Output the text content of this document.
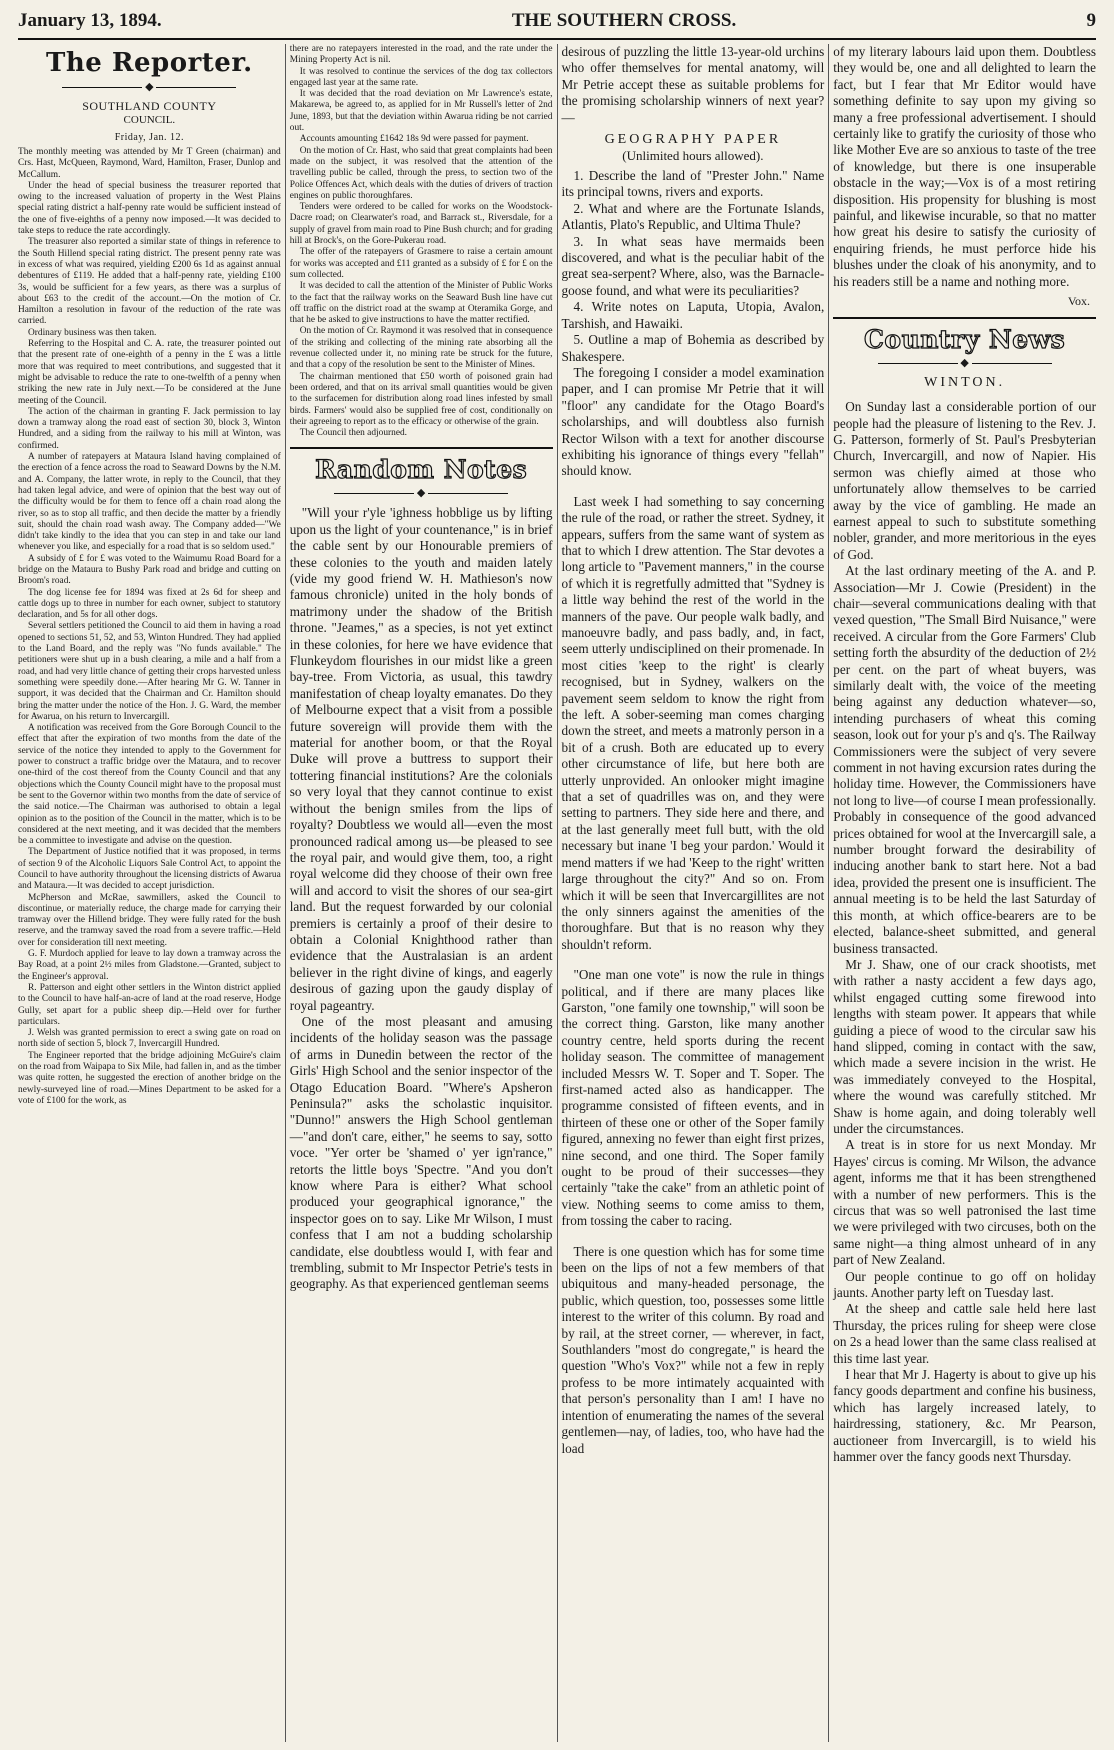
January 13, 1894.	THE SOUTHERN CROSS.	9
The Reporter.
◆
SOUTHLAND COUNTY
COUNCIL.
Friday, Jan. 12.

The monthly meeting was attended by Mr T Green (chairman) and Crs. Hast, McQueen, Raymond, Ward, Hamilton, Fraser, Dunlop and McCallum.

Under the head of special business the treasurer reported that owing to the increased valuation of property in the West Plains special rating district a half-penny rate would be sufficient instead of the one of five-eighths of a penny now imposed.—It was decided to take steps to reduce the rate accordingly.

The treasurer also reported a similar state of things in reference to the South Hillend special rating district. The present penny rate was in excess of what was required, yielding £200 6s 1d as against annual debentures of £119. He added that a half-penny rate, yielding £100 3s, would be sufficient for a few years, as there was a surplus of about £63 to the credit of the account.—On the motion of Cr. Hamilton a resolution in favour of the reduction of the rate was carried.

Ordinary business was then taken.

Referring to the Hospital and C. A. rate, the treasurer pointed out that the present rate of one-eighth of a penny in the £ was a little more that was required to meet contributions, and suggested that it might be advisable to reduce the rate to one-twelfth of a penny when striking the new rate in July next.—To be considered at the June meeting of the Council.

The action of the chairman in granting F. Jack permission to lay down a tramway along the road east of section 30, block 3, Winton Hundred, and a siding from the railway to his mill at Winton, was confirmed.

A number of ratepayers at Mataura Island having complained of the erection of a fence across the road to Seaward Downs by the N.M. and A. Company, the latter wrote, in reply to the Council, that they had taken legal advice, and were of opinion that the best way out of the difficulty would be for them to fence off a chain road along the river, so as to stop all traffic, and then decide the matter by a friendly suit, should the chain road wash away. The Company added—"We didn't take kindly to the idea that you can step in and take our land whenever you like, and especially for a road that is so seldom used."

A subsidy of £ for £ was voted to the Waimumu Road Board for a bridge on the Mataura to Bushy Park road and bridge and cutting on Broom's road.

The dog license fee for 1894 was fixed at 2s 6d for sheep and cattle dogs up to three in number for each owner, subject to statutory declaration, and 5s for all other dogs.

Several settlers petitioned the Council to aid them in having a road opened to sections 51, 52, and 53, Winton Hundred. They had applied to the Land Board, and the reply was "No funds available." The petitioners were shut up in a bush clearing, a mile and a half from a road, and had very little chance of getting their crops harvested unless something were speedily done.—After hearing Mr G. W. Tanner in support, it was decided that the Chairman and Cr. Hamilton should bring the matter under the notice of the Hon. J. G. Ward, the member for Awarua, on his return to Invercargill.

A notification was received from the Gore Borough Council to the effect that after the expiration of two months from the date of the service of the notice they intended to apply to the Government for power to construct a traffic bridge over the Mataura, and to recover one-third of the cost thereof from the County Council and that any objections which the County Council might have to the proposal must be sent to the Governor within two months from the date of service of the said notice.—The Chairman was authorised to obtain a legal opinion as to the position of the Council in the matter, which is to be considered at the next meeting, and it was decided that the members be a committee to investigate and advise on the question.

The Department of Justice notified that it was proposed, in terms of section 9 of the Alcoholic Liquors Sale Control Act, to appoint the Council to have authority throughout the licensing districts of Awarua and Mataura.—It was decided to accept jurisdiction.

McPherson and McRae, sawmillers, asked the Council to discontinue, or materially reduce, the charge made for carrying their tramway over the Hillend bridge. They were fully rated for the bush reserve, and the tramway saved the road from a severe traffic.—Held over for consideration till next meeting.

G. F. Murdoch applied for leave to lay down a tramway across the Bay Road, at a point 2½ miles from Gladstone.—Granted, subject to the Engineer's approval.

R. Patterson and eight other settlers in the Winton district applied to the Council to have half-an-acre of land at the road reserve, Hodge Gully, set apart for a public sheep dip.—Held over for further particulars.

J. Welsh was granted permission to erect a swing gate on road on north side of section 5, block 7, Invercargill Hundred.

The Engineer reported that the bridge adjoining McGuire's claim on the road from Waipapa to Six Mile, had fallen in, and as the timber was quite rotten, he suggested the erection of another bridge on the newly-surveyed line of road.—Mines Department to be asked for a vote of £100 for the work, as

there are no ratepayers interested in the road, and the rate under the Mining Property Act is nil.

It was resolved to continue the services of the dog tax collectors engaged last year at the same rate.

It was decided that the road deviation on Mr Lawrence's estate, Makarewa, be agreed to, as applied for in Mr Russell's letter of 2nd June, 1893, but that the deviation within Awarua riding be not carried out.

Accounts amounting £1642 18s 9d were passed for payment.

On the motion of Cr. Hast, who said that great complaints had been made on the subject, it was resolved that the attention of the travelling public be called, through the press, to section two of the Police Offences Act, which deals with the duties of drivers of traction engines on public thoroughfares.

Tenders were ordered to be called for works on the Woodstock-Dacre road; on Clearwater's road, and Barrack st., Riversdale, for a supply of gravel from main road to Pine Bush church; and for grading hill at Brock's, on the Gore-Pukerau road.

The offer of the ratepayers of Grasmere to raise a certain amount for works was accepted and £11 granted as a subsidy of £ for £ on the sum collected.

It was decided to call the attention of the Minister of Public Works to the fact that the railway works on the Seaward Bush line have cut off traffic on the district road at the swamp at Oteramika Gorge, and that he be asked to give instructions to have the matter rectified.

On the motion of Cr. Raymond it was resolved that in consequence of the striking and collecting of the mining rate absorbing all the revenue collected under it, no mining rate be struck for the future, and that a copy of the resolution be sent to the Minister of Mines.

The chairman mentioned that £50 worth of poisoned grain had been ordered, and that on its arrival small quantities would be given to the surfacemen for distribution along road lines infested by small birds. Farmers' would also be supplied free of cost, conditionally on their agreeing to report as to the efficacy or otherwise of the grain.

The Council then adjourned.

Random Notes
◆

"Will your r'yle 'ighness hobblige us by lifting upon us the light of your countenance," is in brief the cable sent by our Honourable premiers of these colonies to the youth and maiden lately (vide my good friend W. H. Mathieson's now famous chronicle) united in the holy bonds of matrimony under the shadow of the British throne. "Jeames," as a species, is not yet extinct in these colonies, for here we have evidence that Flunkeydom flourishes in our midst like a green bay-tree. From Victoria, as usual, this tawdry manifestation of cheap loyalty emanates. Do they of Melbourne expect that a visit from a possible future sovereign will provide them with the material for another boom, or that the Royal Duke will prove a buttress to support their tottering financial institutions? Are the colonials so very loyal that they cannot continue to exist without the benign smiles from the lips of royalty? Doubtless we would all—even the most pronounced radical among us—be pleased to see the royal pair, and would give them, too, a right royal welcome did they choose of their own free will and accord to visit the shores of our sea-girt land. But the request forwarded by our colonial premiers is certainly a proof of their desire to obtain a Colonial Knighthood rather than evidence that the Australasian is an ardent believer in the right divine of kings, and eagerly desirous of gazing upon the gaudy display of royal pageantry.

One of the most pleasant and amusing incidents of the holiday season was the passage of arms in Dunedin between the rector of the Girls' High School and the senior inspector of the Otago Education Board. "Where's Apsheron Peninsula?" asks the scholastic inquisitor. "Dunno!" answers the High School gentleman—"and don't care, either," he seems to say, sotto voce. "Yer orter be 'shamed o' yer ign'rance," retorts the little boys 'Spectre. "And you don't know where Para is either? What school produced your geographical ignorance," the inspector goes on to say. Like Mr Wilson, I must confess that I am not a budding scholarship candidate, else doubtless would I, with fear and trembling, submit to Mr Inspector Petrie's tests in geography. As that experienced gentleman seems

desirous of puzzling the little 13-year-old urchins who offer themselves for mental anatomy, will Mr Petrie accept these as suitable problems for the promising scholarship winners of next year?—

GEOGRAPHY PAPER
(Unlimited hours allowed).

1. Describe the land of "Prester John." Name its principal towns, rivers and exports.

2. What and where are the Fortunate Islands, Atlantis, Plato's Republic, and Ultima Thule?

3. In what seas have mermaids been discovered, and what is the peculiar habit of the great sea-serpent? Where, also, was the Barnacle-goose found, and what were its peculiarities?

4. Write notes on Laputa, Utopia, Avalon, Tarshish, and Hawaiki.

5. Outline a map of Bohemia as described by Shakespere.

The foregoing I consider a model examination paper, and I can promise Mr Petrie that it will "floor" any candidate for the Otago Board's scholarships, and will doubtless also furnish Rector Wilson with a text for another discourse exhibiting his ignorance of things every "fellah" should know.

Last week I had something to say concerning the rule of the road, or rather the street. Sydney, it appears, suffers from the same want of system as that to which I drew attention. The Star devotes a long article to "Pavement manners," in the course of which it is regretfully admitted that "Sydney is a little way behind the rest of the world in the manners of the pave. Our people walk badly, and manoeuvre badly, and pass badly, and, in fact, seem utterly undisciplined on their promenade. In most cities 'keep to the right' is clearly recognised, but in Sydney, walkers on the pavement seem seldom to know the right from the left. A sober-seeming man comes charging down the street, and meets a matronly person in a bit of a crush. Both are educated up to every other circumstance of life, but here both are utterly unprovided. An onlooker might imagine that a set of quadrilles was on, and they were setting to partners. They side here and there, and at the last generally meet full butt, with the old necessary but inane 'I beg your pardon.' Would it mend matters if we had 'Keep to the right' written large throughout the city?" And so on. From which it will be seen that Invercargillites are not the only sinners against the amenities of the thoroughfare. But that is no reason why they shouldn't reform.

"One man one vote" is now the rule in things political, and if there are many places like Garston, "one family one township," will soon be the correct thing. Garston, like many another country centre, held sports during the recent holiday season. The committee of management included Messrs W. T. Soper and T. Soper. The first-named acted also as handicapper. The programme consisted of fifteen events, and in thirteen of these one or other of the Soper family figured, annexing no fewer than eight first prizes, nine second, and one third. The Soper family ought to be proud of their successes—they certainly "take the cake" from an athletic point of view. Nothing seems to come amiss to them, from tossing the caber to racing.

There is one question which has for some time been on the lips of not a few members of that ubiquitous and many-headed personage, the public, which question, too, possesses some little interest to the writer of this column. By road and by rail, at the street corner, — wherever, in fact, Southlanders "most do congregate," is heard the question "Who's Vox?" while not a few in reply profess to be more intimately acquainted with that person's personality than I am! I have no intention of enumerating the names of the several gentlemen—nay, of ladies, too, who have had the load

of my literary labours laid upon them. Doubtless they would be, one and all delighted to learn the fact, but I fear that Mr Editor would have something definite to say upon my giving so many a free professional advertisement. I should certainly like to gratify the curiosity of those who like Mother Eve are so anxious to taste of the tree of knowledge, but there is one insuperable obstacle in the way;—Vox is of a most retiring disposition. His propensity for blushing is most painful, and likewise incurable, so that no matter how great his desire to satisfy the curiosity of enquiring friends, he must perforce hide his blushes under the cloak of his anonymity, and to his readers still be a name and nothing more.

Vox.
Country News
◆
WINTON.

On Sunday last a considerable portion of our people had the pleasure of listening to the Rev. J. G. Patterson, formerly of St. Paul's Presbyterian Church, Invercargill, and now of Napier. His sermon was chiefly aimed at those who unfortunately allow themselves to be carried away by the vice of gambling. He made an earnest appeal to such to substitute something nobler, grander, and more meritorious in the eyes of God.

At the last ordinary meeting of the A. and P. Association—Mr J. Cowie (President) in the chair—several communications dealing with that vexed question, "The Small Bird Nuisance," were received. A circular from the Gore Farmers' Club setting forth the absurdity of the deduction of 2½ per cent. on the part of wheat buyers, was similarly dealt with, the voice of the meeting being against any deduction whatever—so, intending purchasers of wheat this coming season, look out for your p's and q's. The Railway Commissioners were the subject of very severe comment in not having excursion rates during the holiday time. However, the Commissioners have not long to live—of course I mean professionally. Probably in consequence of the good advanced prices obtained for wool at the Invercargill sale, a number brought forward the desirability of inducing another bank to start here. Not a bad idea, provided the present one is insufficient. The annual meeting is to be held the last Saturday of this month, at which office-bearers are to be elected, balance-sheet submitted, and general business transacted.

Mr J. Shaw, one of our crack shootists, met with rather a nasty accident a few days ago, whilst engaged cutting some firewood into lengths with steam power. It appears that while guiding a piece of wood to the circular saw his hand slipped, coming in contact with the saw, which made a severe incision in the wrist. He was immediately conveyed to the Hospital, where the wound was carefully stitched. Mr Shaw is home again, and doing tolerably well under the circumstances.

A treat is in store for us next Monday. Mr Hayes' circus is coming. Mr Wilson, the advance agent, informs me that it has been strengthened with a number of new performers. This is the circus that was so well patronised the last time we were privileged with two circuses, both on the same night—a thing almost unheard of in any part of New Zealand.

Our people continue to go off on holiday jaunts. Another party left on Tuesday last.

At the sheep and cattle sale held here last Thursday, the prices ruling for sheep were close on 2s a head lower than the same class realised at this time last year.

I hear that Mr J. Hagerty is about to give up his fancy goods department and confine his business, which has largely increased lately, to hairdressing, stationery, &c. Mr Pearson, auctioneer from Invercargill, is to wield his hammer over the fancy goods next Thursday.
